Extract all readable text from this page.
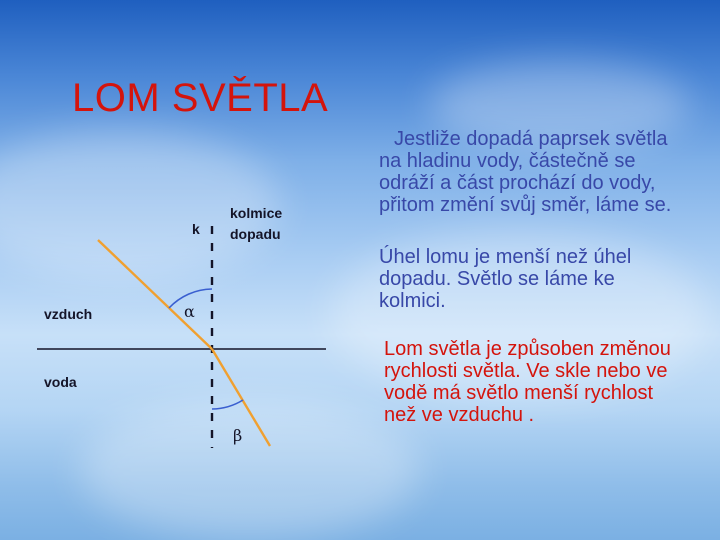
LOM SVĚTLA

Jestliže dopadá paprsek světla na hladinu vody, částečně se odráží a část prochází do vody, přitom změní svůj směr, láme se.

Úhel lomu je menší než úhel dopadu. Světlo se láme ke kolmici.

Lom světla je způsoben změnou rychlosti světla. Ve skle nebo ve vodě má světlo menší rychlost než ve vzduchu .

k
kolmice
dopadu
vzduch
voda
α
β
